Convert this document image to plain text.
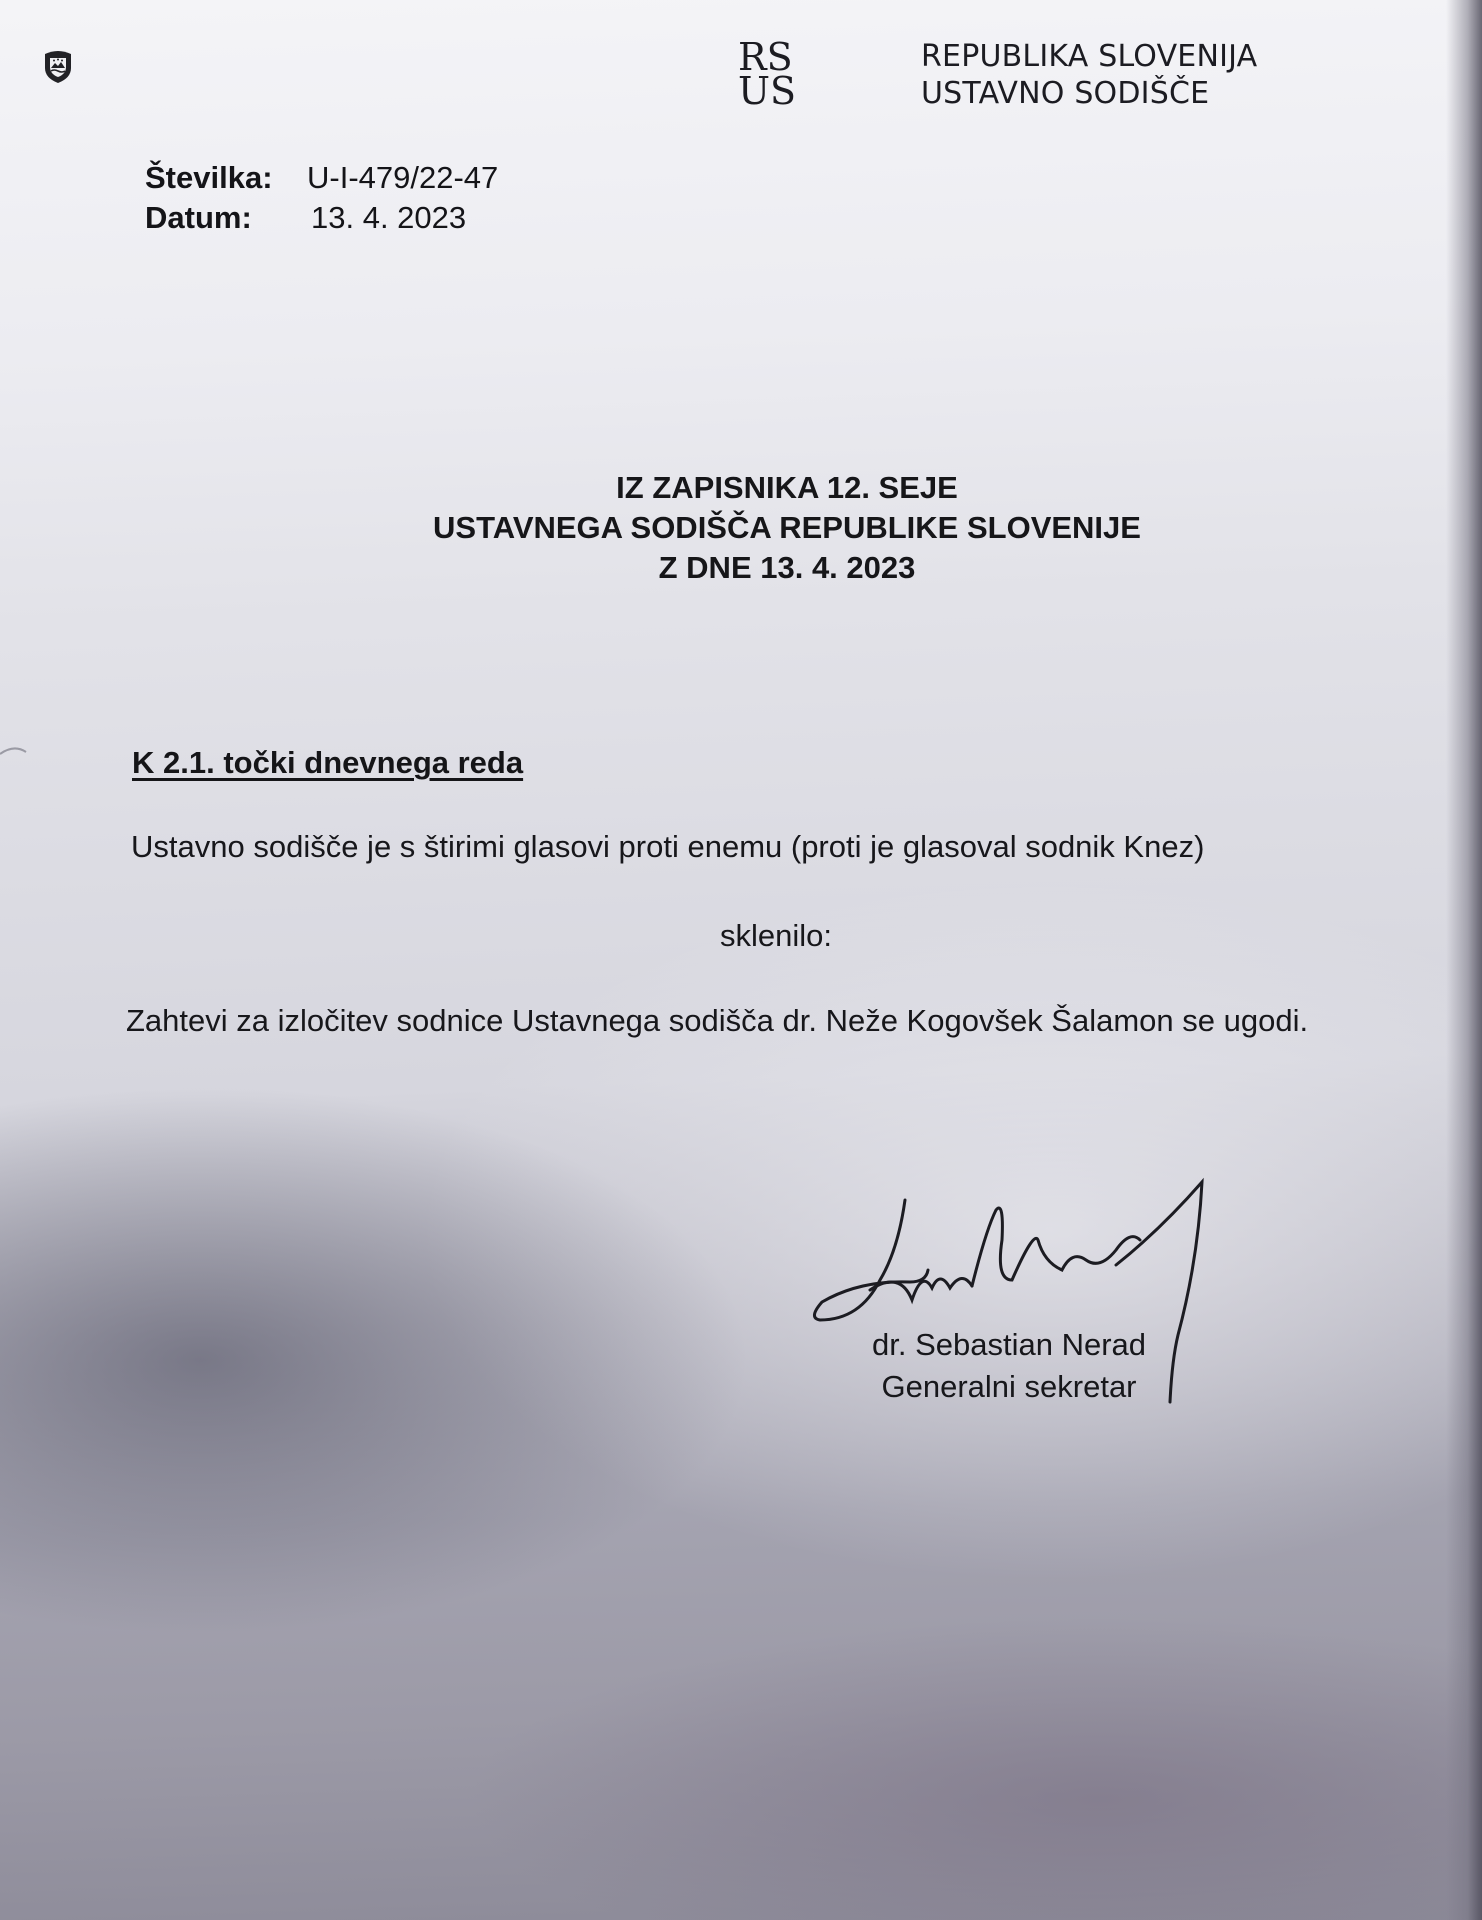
RS
US
REPUBLIKA SLOVENIJA
USTAVNO SODIŠČE
Številka:	U-I-479/22-47
Datum:	13. 4. 2023
IZ ZAPISNIKA 12. SEJE
USTAVNEGA SODIŠČA REPUBLIKE SLOVENIJE
Z DNE 13. 4. 2023
K 2.1. točki dnevnega reda
Ustavno sodišče je s štirimi glasovi proti enemu (proti je glasoval sodnik Knez)
sklenilo:
Zahtevi za izločitev sodnice Ustavnega sodišča dr. Neže Kogovšek Šalamon se ugodi.
dr. Sebastian Nerad
Generalni sekretar
